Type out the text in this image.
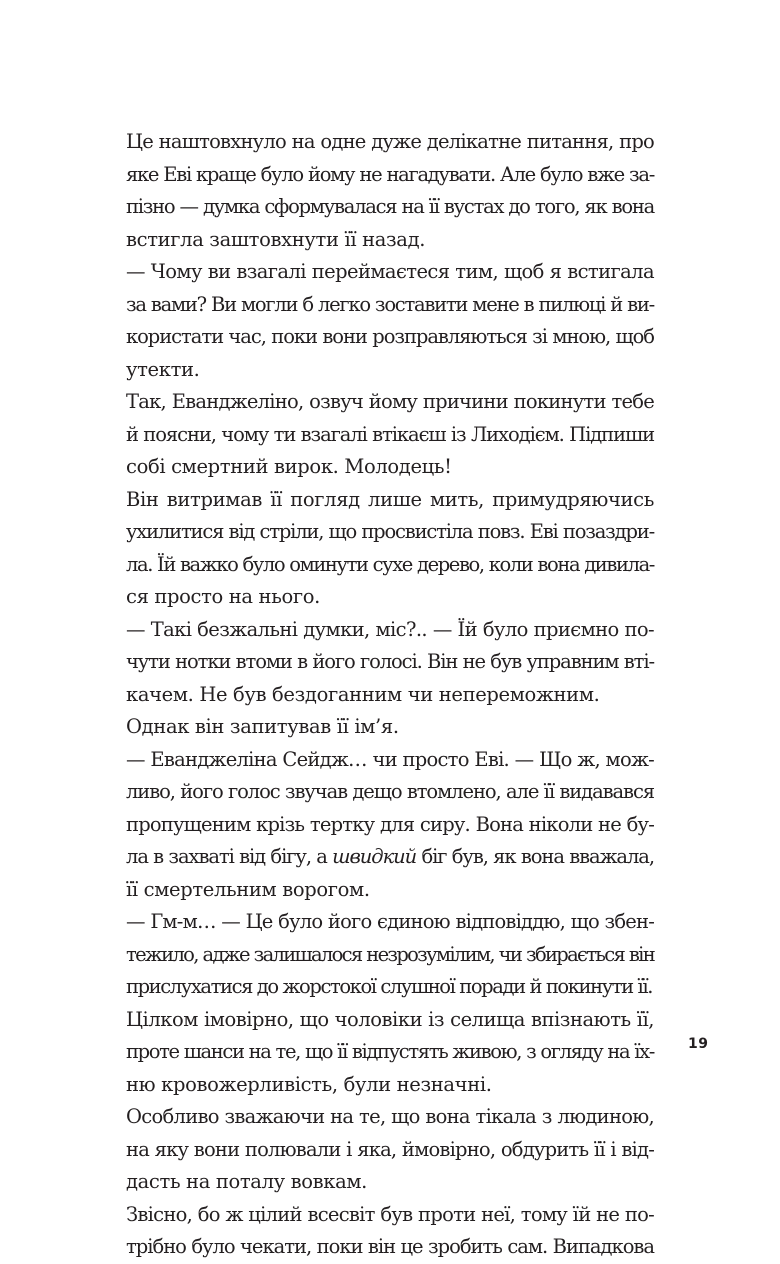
Це наштовхнуло на одне дуже делікатне питання, про
яке Еві краще було йому не нагадувати. Але було вже за-
пізно — думка сформувалася на її вустах до того, як вона
встигла заштовхнути її назад.
— Чому ви взагалі переймаєтеся тим, щоб я встигала
за вами? Ви могли б легко зоставити мене в пилюці й ви-
користати час, поки вони розправляються зі мною, щоб
утекти.
Так, Еванджеліно, озвуч йому причини покинути тебе
й поясни, чому ти взагалі втікаєш із Лиходієм. Підпиши
собі смертний вирок. Молодець!
Він витримав її погляд лише мить, примудряючись
ухилитися від стріли, що просвистіла повз. Еві позаздри-
ла. Їй важко було оминути сухе дерево, коли вона дивила-
ся просто на нього.
— Такі безжальні думки, міс?.. — Їй було приємно по-
чути нотки втоми в його голосі. Він не був управним вті-
качем. Не був бездоганним чи непереможним.
Однак він запитував її ім’я.
— Еванджеліна Сейдж… чи просто Еві. — Що ж, мож-
ливо, його голос звучав дещо втомлено, але її видавався
пропущеним крізь тертку для сиру. Вона ніколи не бу-
ла в захваті від бігу, а швидкий біг був, як вона вважала,
її смертельним ворогом.
— Гм-м… — Це було його єдиною відповіддю, що збен-
тежило, адже залишалося незрозумілим, чи збирається він
прислухатися до жорстокої слушної поради й покинути її.
Цілком імовірно, що чоловіки із селища впізнають її,
проте шанси на те, що її відпустять живою, з огляду на їх-
ню кровожерливість, були незначні.
Особливо зважаючи на те, що вона тікала з людиною,
на яку вони полювали і яка, ймовірно, обдурить її і від-
дасть на поталу вовкам.
Звісно, бо ж цілий всесвіт був проти неї, тому їй не по-
трібно було чекати, поки він це зробить сам. Випадкова
19
